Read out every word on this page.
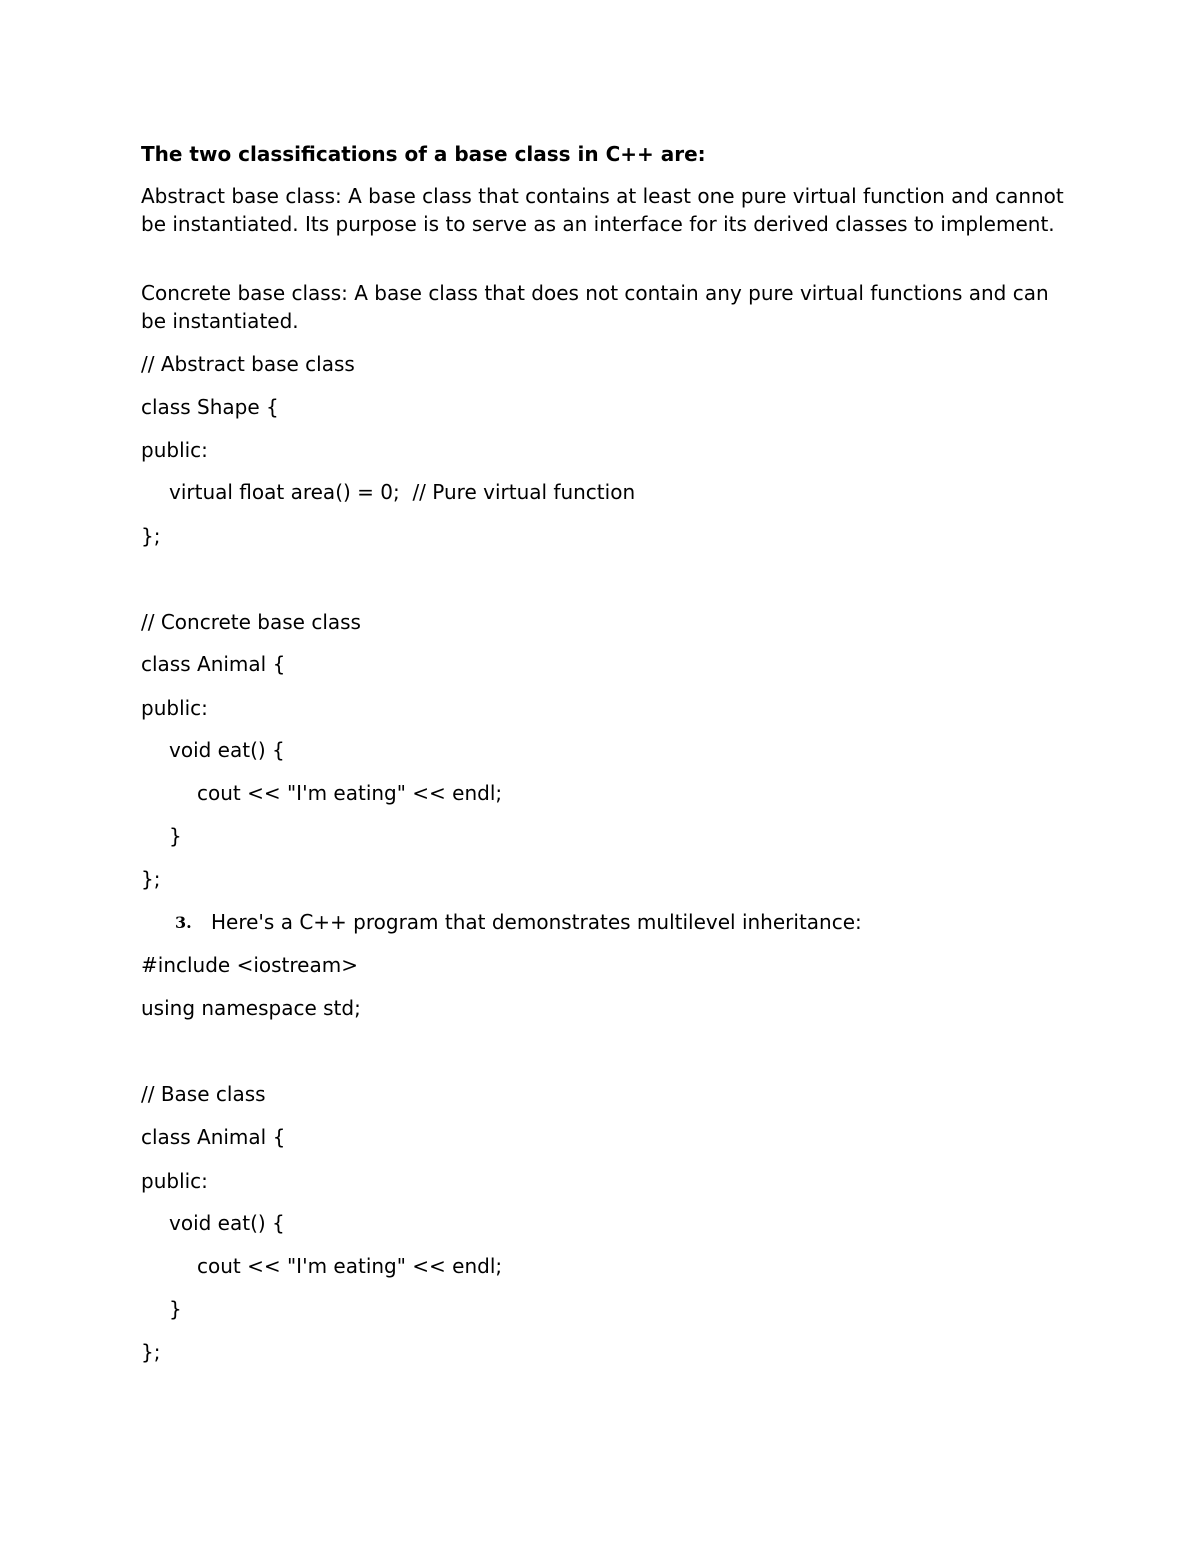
The two classifications of a base class in C++ are:

Abstract base class: A base class that contains at least one pure virtual function and cannot be instantiated. Its purpose is to serve as an interface for its derived classes to implement.

Concrete base class: A base class that does not contain any pure virtual functions and can be instantiated.

// Abstract base class
class Shape {
public:
virtual float area() = 0;  // Pure virtual function
};
// Concrete base class
class Animal {
public:
void eat() {
cout << "I'm eating" << endl;
}
};
3. Here's a C++ program that demonstrates multilevel inheritance:
#include <iostream>
using namespace std;
// Base class
class Animal {
public:
void eat() {
cout << "I'm eating" << endl;
}
};
